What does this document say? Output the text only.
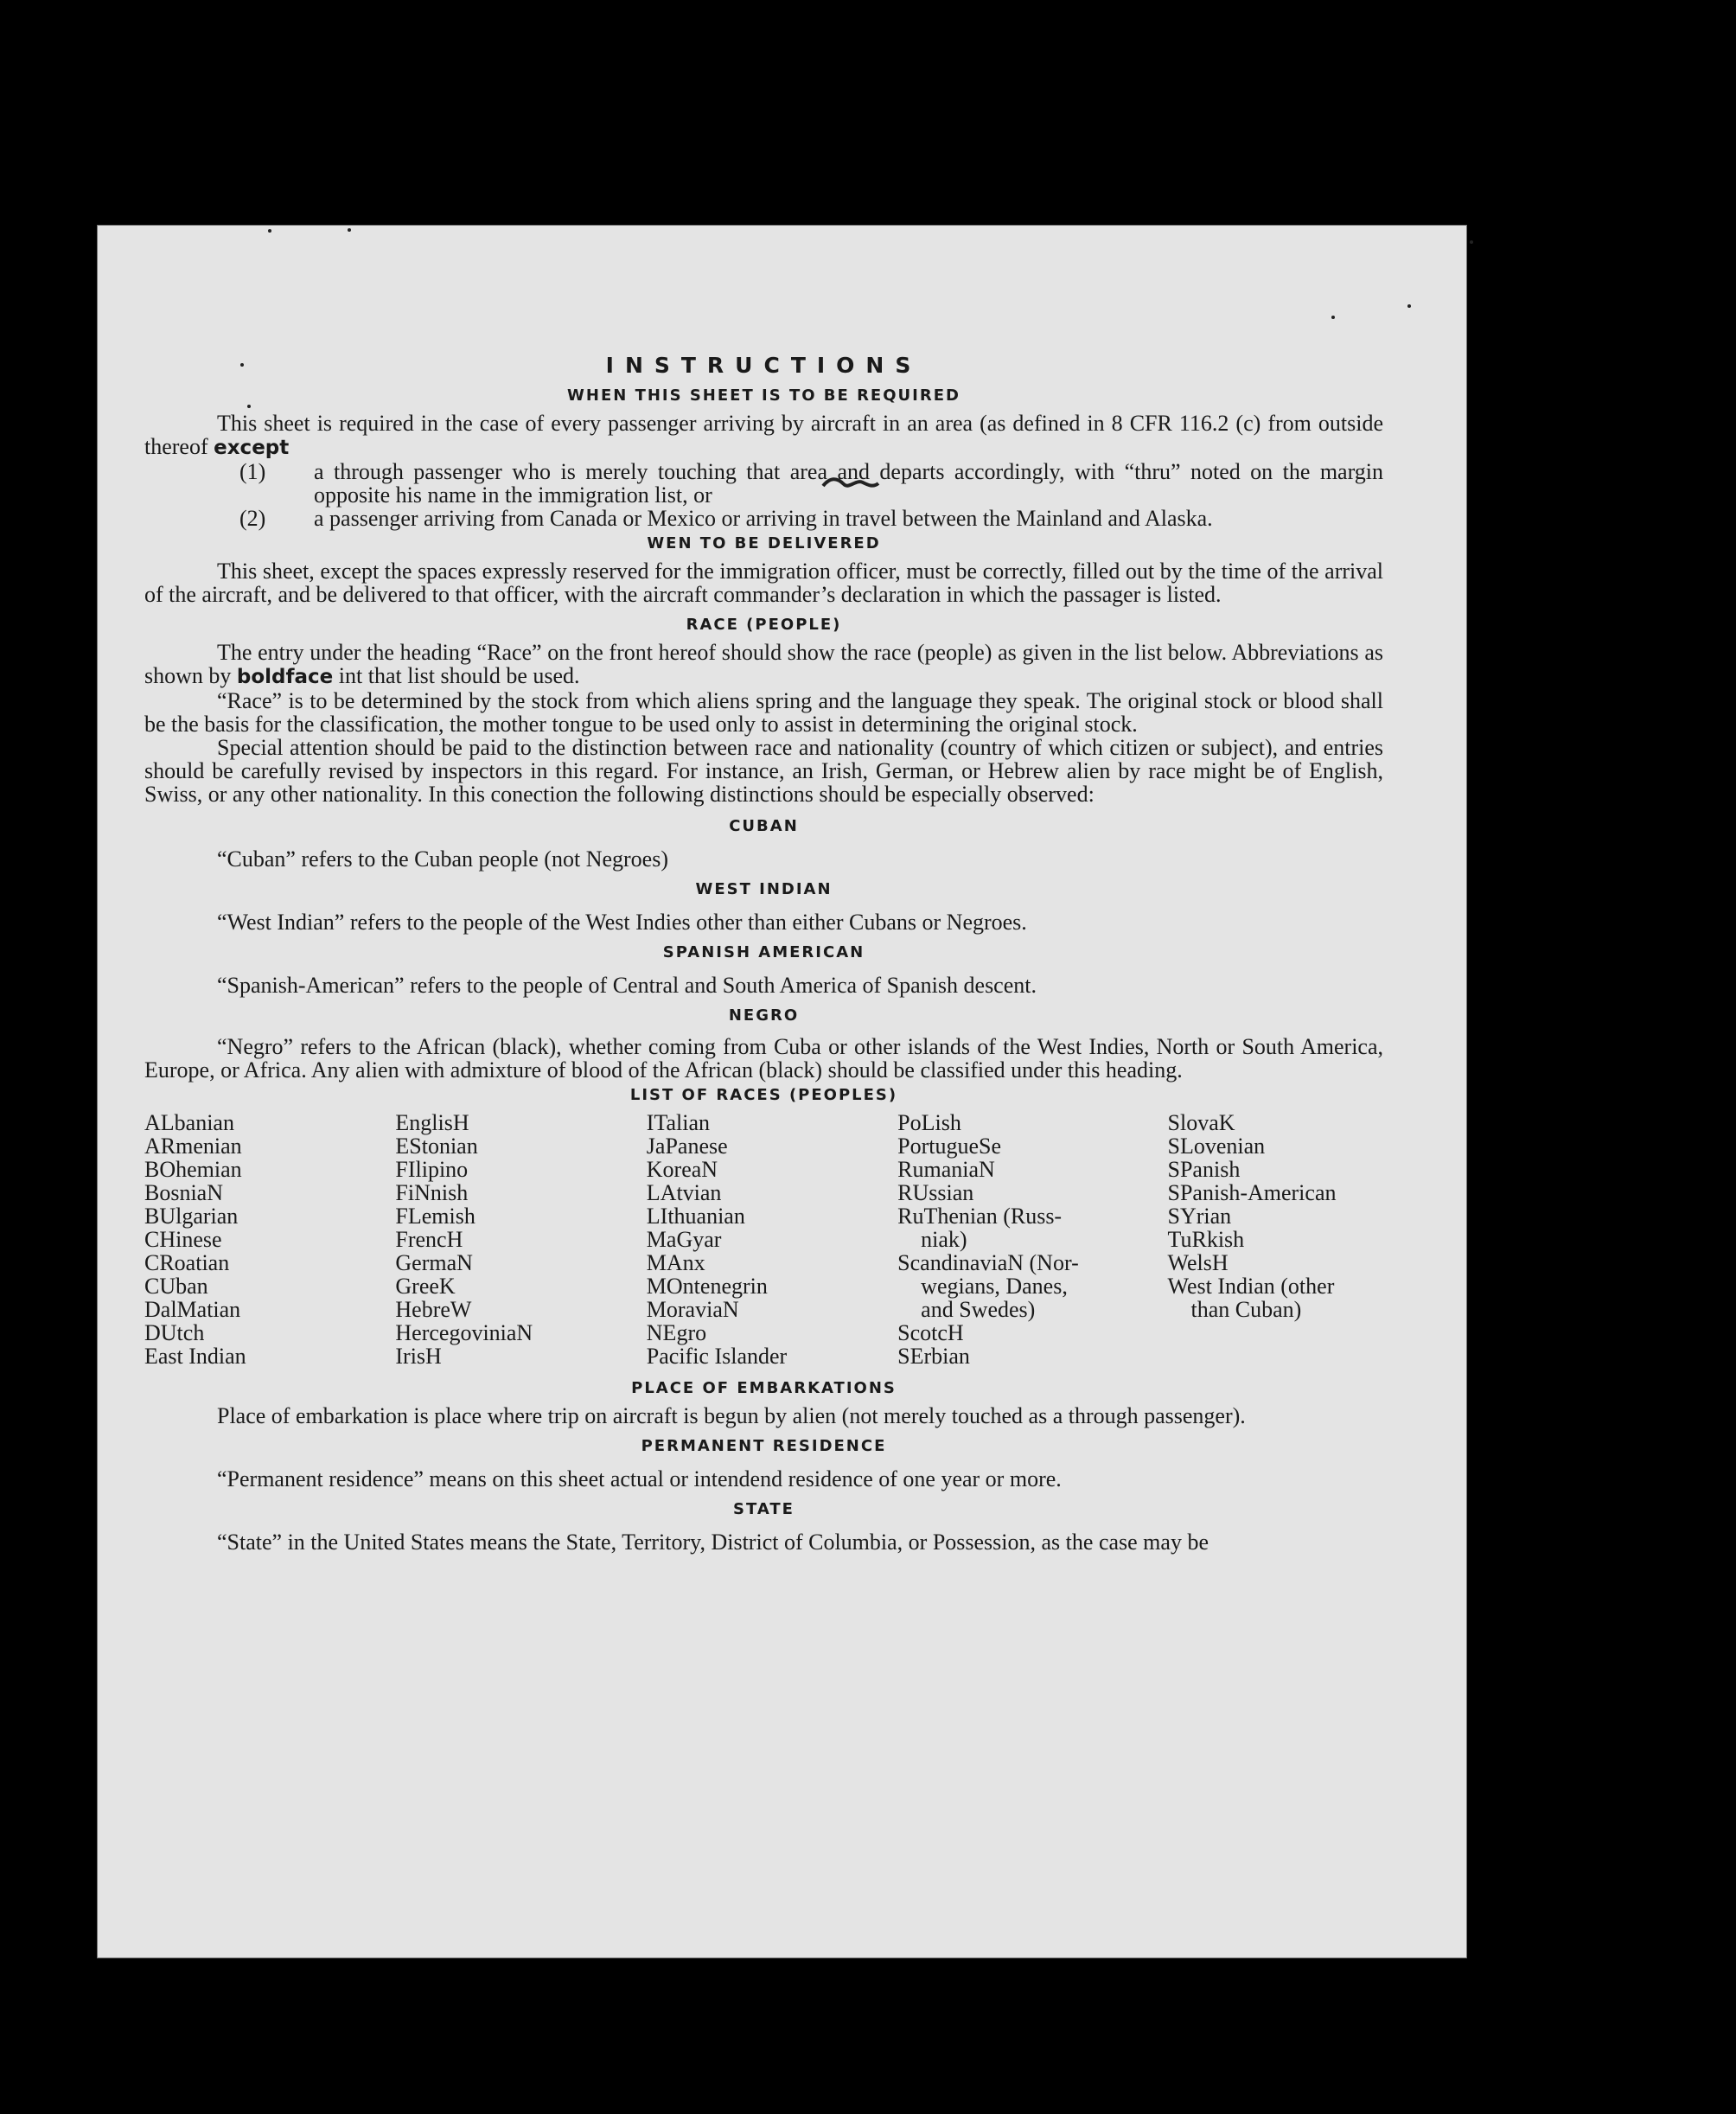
INSTRUCTIONS
WHEN THIS SHEET IS TO BE REQUIRED

This sheet is required in the case of every passenger arriving by aircraft in an area (as defined in 8 CFR 116.2 (c) from outside thereof except

(1)	a through passenger who is merely touching that area and departs accordingly, with “thru” noted on the margin opposite his name in the immigration list, or
(2)	a passenger arriving from Canada or Mexico or arriving in travel between the Mainland and Alaska.
WEN TO BE DELIVERED

This sheet, except the spaces expressly reserved for the immigration officer, must be correctly, filled out by the time of the arrival of the aircraft, and be delivered to that officer, with the aircraft commander’s declaration in which the passager is listed.

RACE (PEOPLE)

The entry under the heading “Race” on the front hereof should show the race (people) as given in the list below. Abbreviations as shown by boldface int that list should be used.

“Race” is to be determined by the stock from which aliens spring and the language they speak. The original stock or blood shall be the basis for the classification, the mother tongue to be used only to assist in determining the original stock.

Special attention should be paid to the distinction between race and nationality (country of which citizen or subject), and entries should be carefully revised by inspectors in this regard. For instance, an Irish, German, or Hebrew alien by race might be of English, Swiss, or any other nationality. In this conection the following distinctions should be especially observed:

CUBAN
“Cuban” refers to the Cuban people (not Negroes)
WEST INDIAN
“West Indian” refers to the people of the West Indies other than either Cubans or Negroes.
SPANISH AMERICAN
“Spanish-American” refers to the people of Central and South America of Spanish descent.
NEGRO

“Negro” refers to the African (black), whether coming from Cuba or other islands of the West Indies, North or South America, Europe, or Africa. Any alien with admixture of blood of the African (black) should be classified under this heading.

LIST OF RACES (PEOPLES)
ALbanian
ARmenian
BOhemian
BosniaN
BUlgarian
CHinese
CRoatian
CUban
DalMatian
DUtch
East Indian
EnglisH
EStonian
FIlipino
FiNnish
FLemish
FrencH
GermaN
GreeK
HebreW
HercegoviniaN
IrisH
ITalian
JaPanese
KoreaN
LAtvian
LIthuanian
MaGyar
MAnx
MOntenegrin
MoraviaN
NEgro
Pacific Islander
PoLish
PortugueSe
RumaniaN
RUssian
RuThenian (Russ-
niak)
ScandinaviaN (Nor-
wegians, Danes,
and Swedes)
ScotcH
SErbian
SlovaK
SLovenian
SPanish
SPanish-American
SYrian
TuRkish
WelsH
West Indian (other
than Cuban)
PLACE OF EMBARKATIONS

Place of embarkation is place where trip on aircraft is begun by alien (not merely touched as a through passenger).

PERMANENT RESIDENCE
“Permanent residence” means on this sheet actual or intendend residence of one year or more.
STATE

“State” in the United States means the State, Territory, District of Columbia, or Possession, as the case may be
